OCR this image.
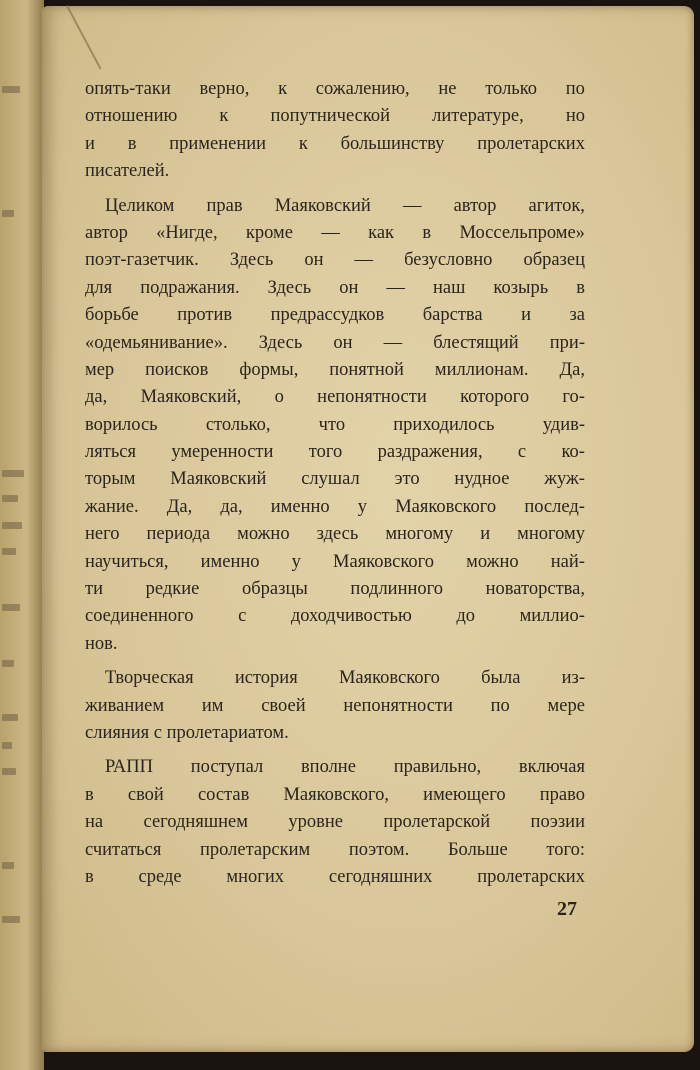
опять-таки верно, к сожалению, не только по
отношению к попутнической литературе, но
и в применении к большинству пролетарских
писателей.
Целиком прав Маяковский — автор агиток,
автор «Нигде, кроме — как в Моссельпроме»
поэт-газетчик. Здесь он — безусловно образец
для подражания. Здесь он — наш козырь в
борьбе против предрассудков барства и за
«одемьянивание». Здесь он — блестящий при-
мер поисков формы, понятной миллионам. Да,
да, Маяковский, о непонятности которого го-
ворилось	столько,	что	приходилось	удив-
ляться умеренности того раздражения, с ко-
торым Маяковский слушал это нудное жуж-
жание. Да, да, именно у Маяковского послед-
него периода можно здесь многому и многому
научиться, именно у Маяковского можно най-
ти редкие образцы подлинного новаторства,
соединенного с доходчивостью до миллио-
нов.
Творческая история Маяковского была из-
живанием им своей непонятности по мере
слияния с пролетариатом.
РАПП поступал вполне правильно, включая
в свой состав Маяковского, имеющего право
на сегодняшнем уровне пролетарской поэзии
считаться пролетарским поэтом. Больше того:
в среде многих сегодняшних пролетарских
27
